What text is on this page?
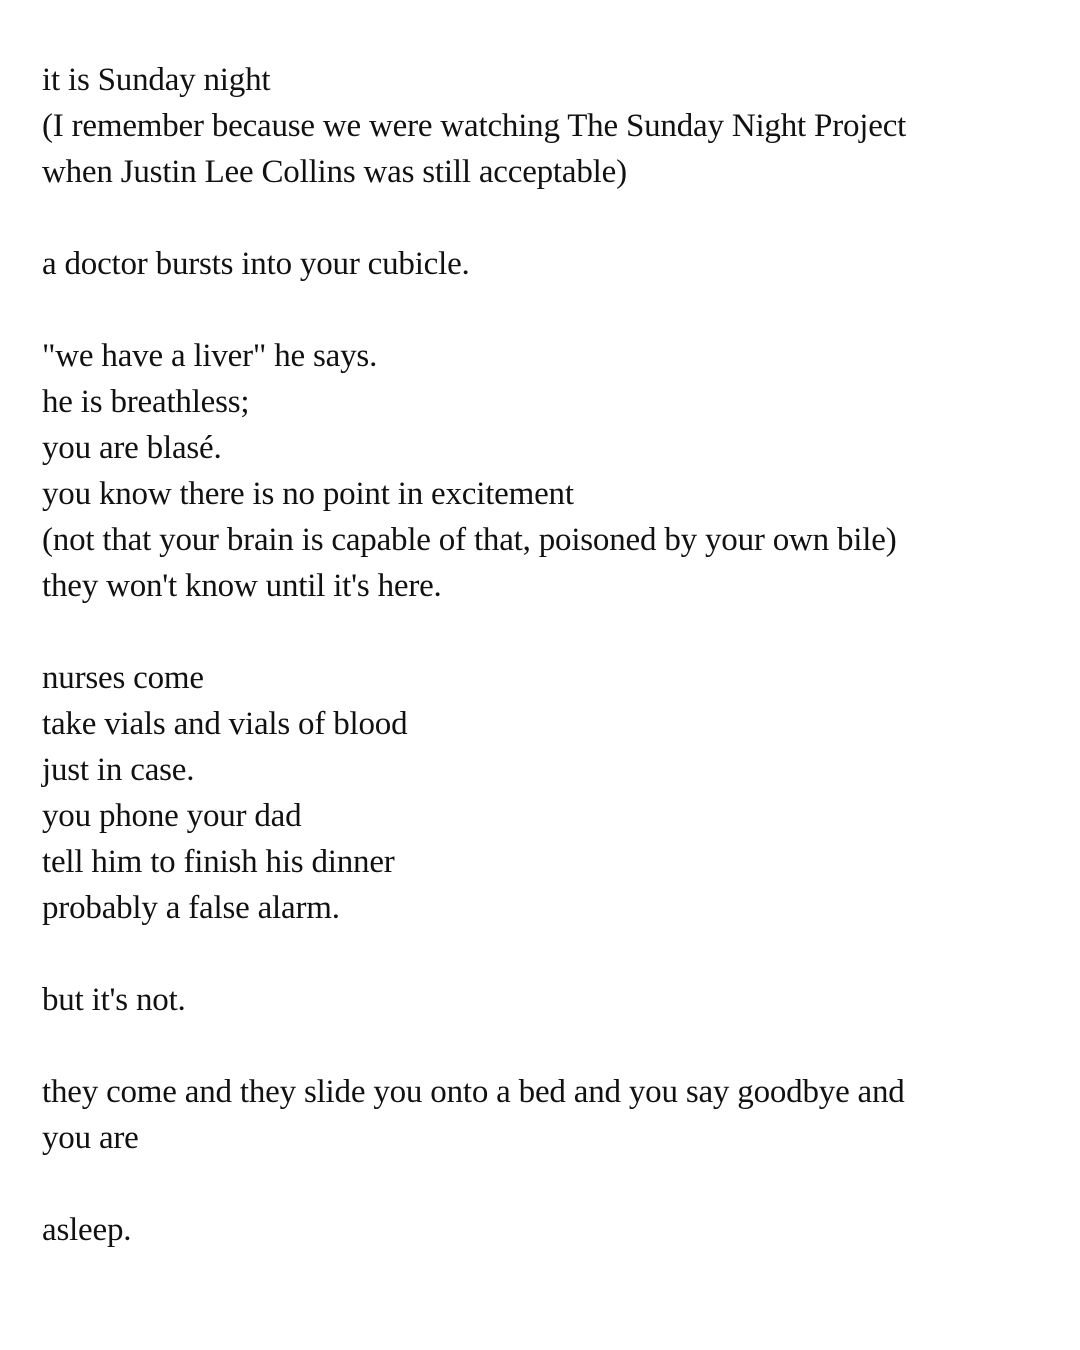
it is Sunday night
(I remember because we were watching The Sunday Night Project
when Justin Lee Collins was still acceptable)
a doctor bursts into your cubicle.
"we have a liver" he says.
he is breathless;
you are blasé.
you know there is no point in excitement
(not that your brain is capable of that, poisoned by your own bile)
they won't know until it's here.
nurses come
take vials and vials of blood
just in case.
you phone your dad
tell him to finish his dinner
probably a false alarm.
but it's not.
they come and they slide you onto a bed and you say goodbye and
you are
asleep.
